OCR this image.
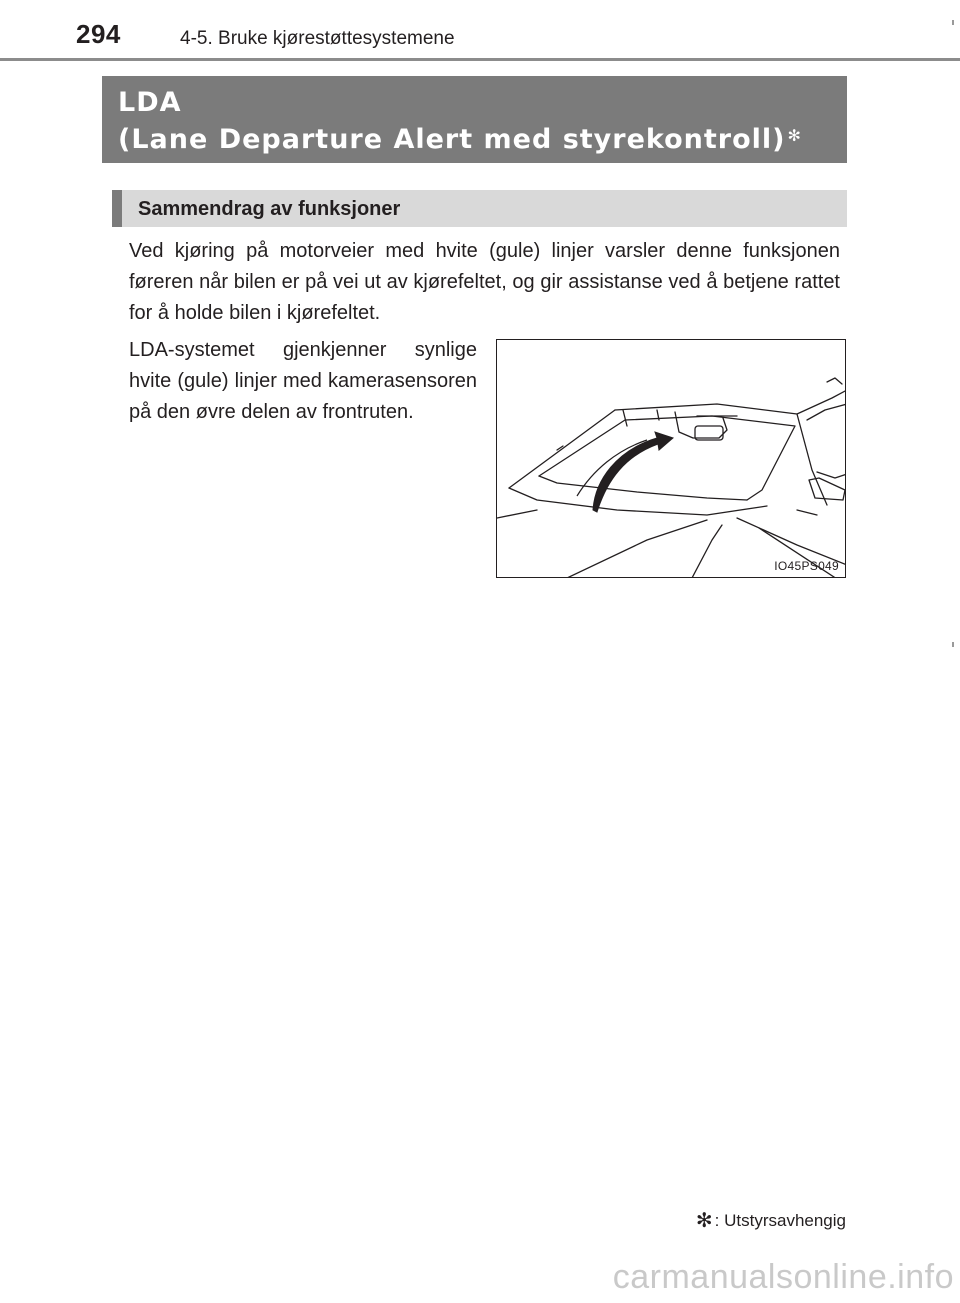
294	4-5. Bruke kjørestøttesystemene
LDA
(Lane Departure Alert med styrekontroll) ✻
Sammendrag av funksjoner

Ved kjøring på motorveier med hvite (gule) linjer varsler denne funksjonen føreren når bilen er på vei ut av kjørefeltet, og gir assistanse ved å betjene rattet for å holde bilen i kjørefeltet.

LDA-systemet gjenkjenner synlige hvite (gule) linjer med kamerasensoren på den øvre delen av frontruten.

IO45PS049
✻ : Utstyrsavhengig
carmanualsonline.info
